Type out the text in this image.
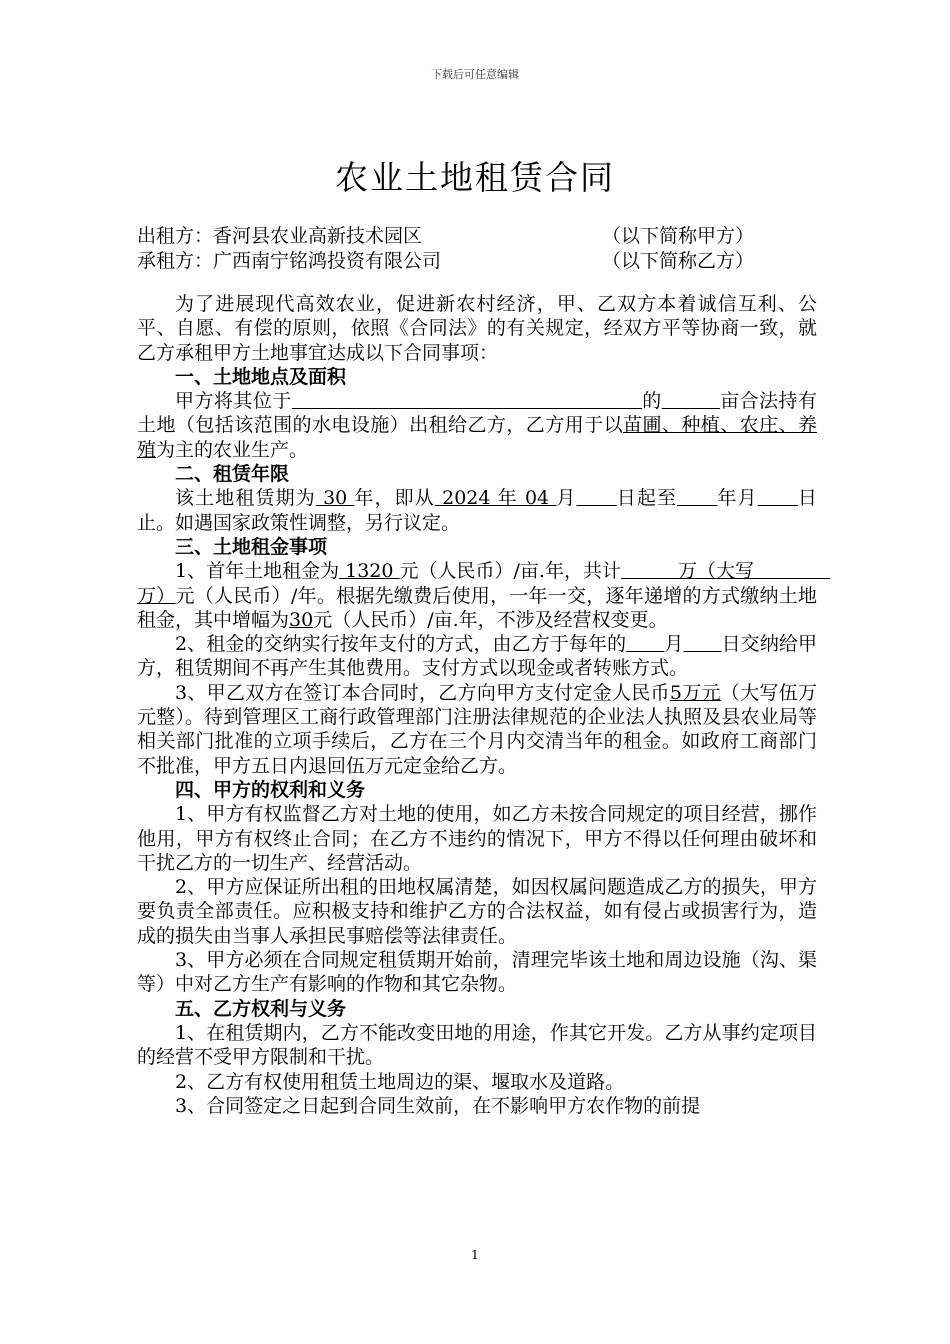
下载后可任意编辑
农业土地租赁合同
出租方：香河县农业高新技术园区	（以下简称甲方）
承租方：广西南宁铭鸿投资有限公司	（以下简称乙方）

为了进展现代高效农业，促进新农村经济，甲、乙双方本着诚信互利、公平、自愿、有偿的原则，依照《合同法》的有关规定，经双方平等协商一致，就乙方承租甲方土地事宜达成以下合同事项：

一、土地地点及面积

甲方将其位于　　　　　　　　　　　　　　　　　　	的　　　	亩合法持有土地（包括该范围的水电设施）出租给乙方，乙方用于以苗圃、种植、农庄、养殖为主的农业生产。

二、租赁年限

该土地租赁期为 30 年，即从 2024 年 04 月　　 日起至　　 年月　　 日止。如遇国家政策性调整，另行议定。

三、土地租金事项

1、首年土地租金为 1320 元（人民币）/亩.年，共计　　　万（大写　　　　万）元（人民币）/年。根据先缴费后使用，一年一交，逐年递增的方式缴纳土地租金，其中增幅为30元（人民币）/亩.年，不涉及经营权变更。

2、租金的交纳实行按年支付的方式，由乙方于每年的　　 月　　 日交纳给甲方，租赁期间不再产生其他费用。支付方式以现金或者转账方式。

3、甲乙双方在签订本合同时，乙方向甲方支付定金人民币5万元（大写伍万元整）。待到管理区工商行政管理部门注册法律规范的企业法人执照及县农业局等相关部门批准的立项手续后，乙方在三个月内交清当年的租金。如政府工商部门不批准，甲方五日内退回伍万元定金给乙方。

四、甲方的权利和义务

1、甲方有权监督乙方对土地的使用，如乙方未按合同规定的项目经营，挪作他用，甲方有权终止合同；在乙方不违约的情况下，甲方不得以任何理由破坏和干扰乙方的一切生产、经营活动。

2、甲方应保证所出租的田地权属清楚，如因权属问题造成乙方的损失，甲方要负责全部责任。应积极支持和维护乙方的合法权益，如有侵占或损害行为，造成的损失由当事人承担民事赔偿等法律责任。

3、甲方必须在合同规定租赁期开始前，清理完毕该土地和周边设施（沟、渠等）中对乙方生产有影响的作物和其它杂物。

五、乙方权利与义务

1、在租赁期内，乙方不能改变田地的用途，作其它开发。乙方从事约定项目的经营不受甲方限制和干扰。

2、乙方有权使用租赁土地周边的渠、堰取水及道路。

3、合同签定之日起到合同生效前，在不影响甲方农作物的前提

1
